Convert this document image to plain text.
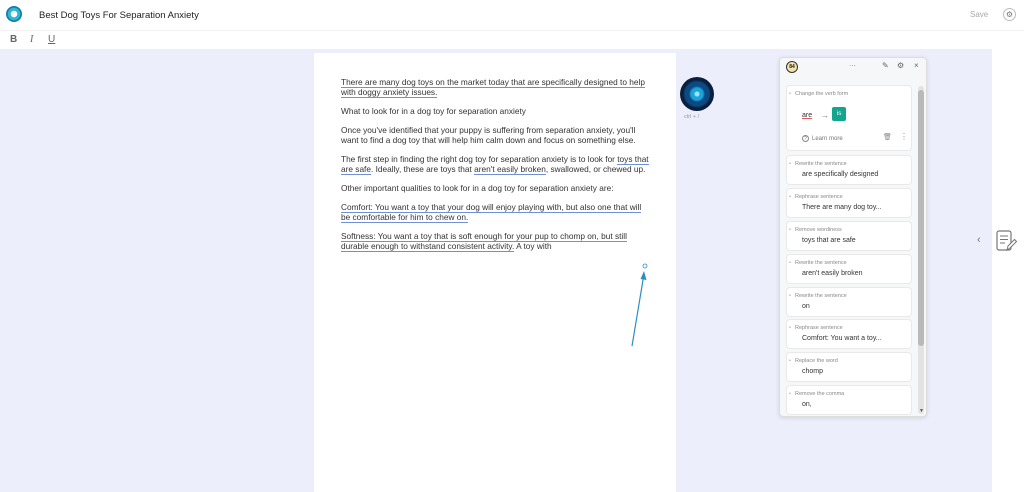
Best Dog Toys For Separation Anxiety	Save	⚙
B I U

There are many dog toys on the market today that are specifically designed to help with doggy anxiety issues.

What to look for in a dog toy for separation anxiety

Once you've identified that your puppy is suffering from separation anxiety, you'll want to find a dog toy that will help him calm down and focus on something else.

The first step in finding the right dog toy for separation anxiety is to look for toys that are safe. Ideally, these are toys that aren't easily broken, swallowed, or chewed up.

Other important qualities to look for in a dog toy for separation anxiety are:

Comfort: You want a toy that your dog will enjoy playing with, but also one that will be comfortable for him to chew on.

Softness: You want a toy that is soft enough for your pup to chomp on, but still durable enough to withstand consistent activity. A toy with

ctrl + /
84	⋯	✎ ⚙ ×
• Change the verb form
are →	is
? Learn more	🗑 ⋮
• Rewrite the sentence
are specifically designed
• Rephrase sentence
There are many dog toy...
• Remove wordiness
toys that are safe
• Rewrite the sentence
aren't easily broken
• Rewrite the sentence
on
• Rephrase sentence
Comfort: You want a toy...
• Replace the word
chomp
• Remove the comma
on,
▼
‹
